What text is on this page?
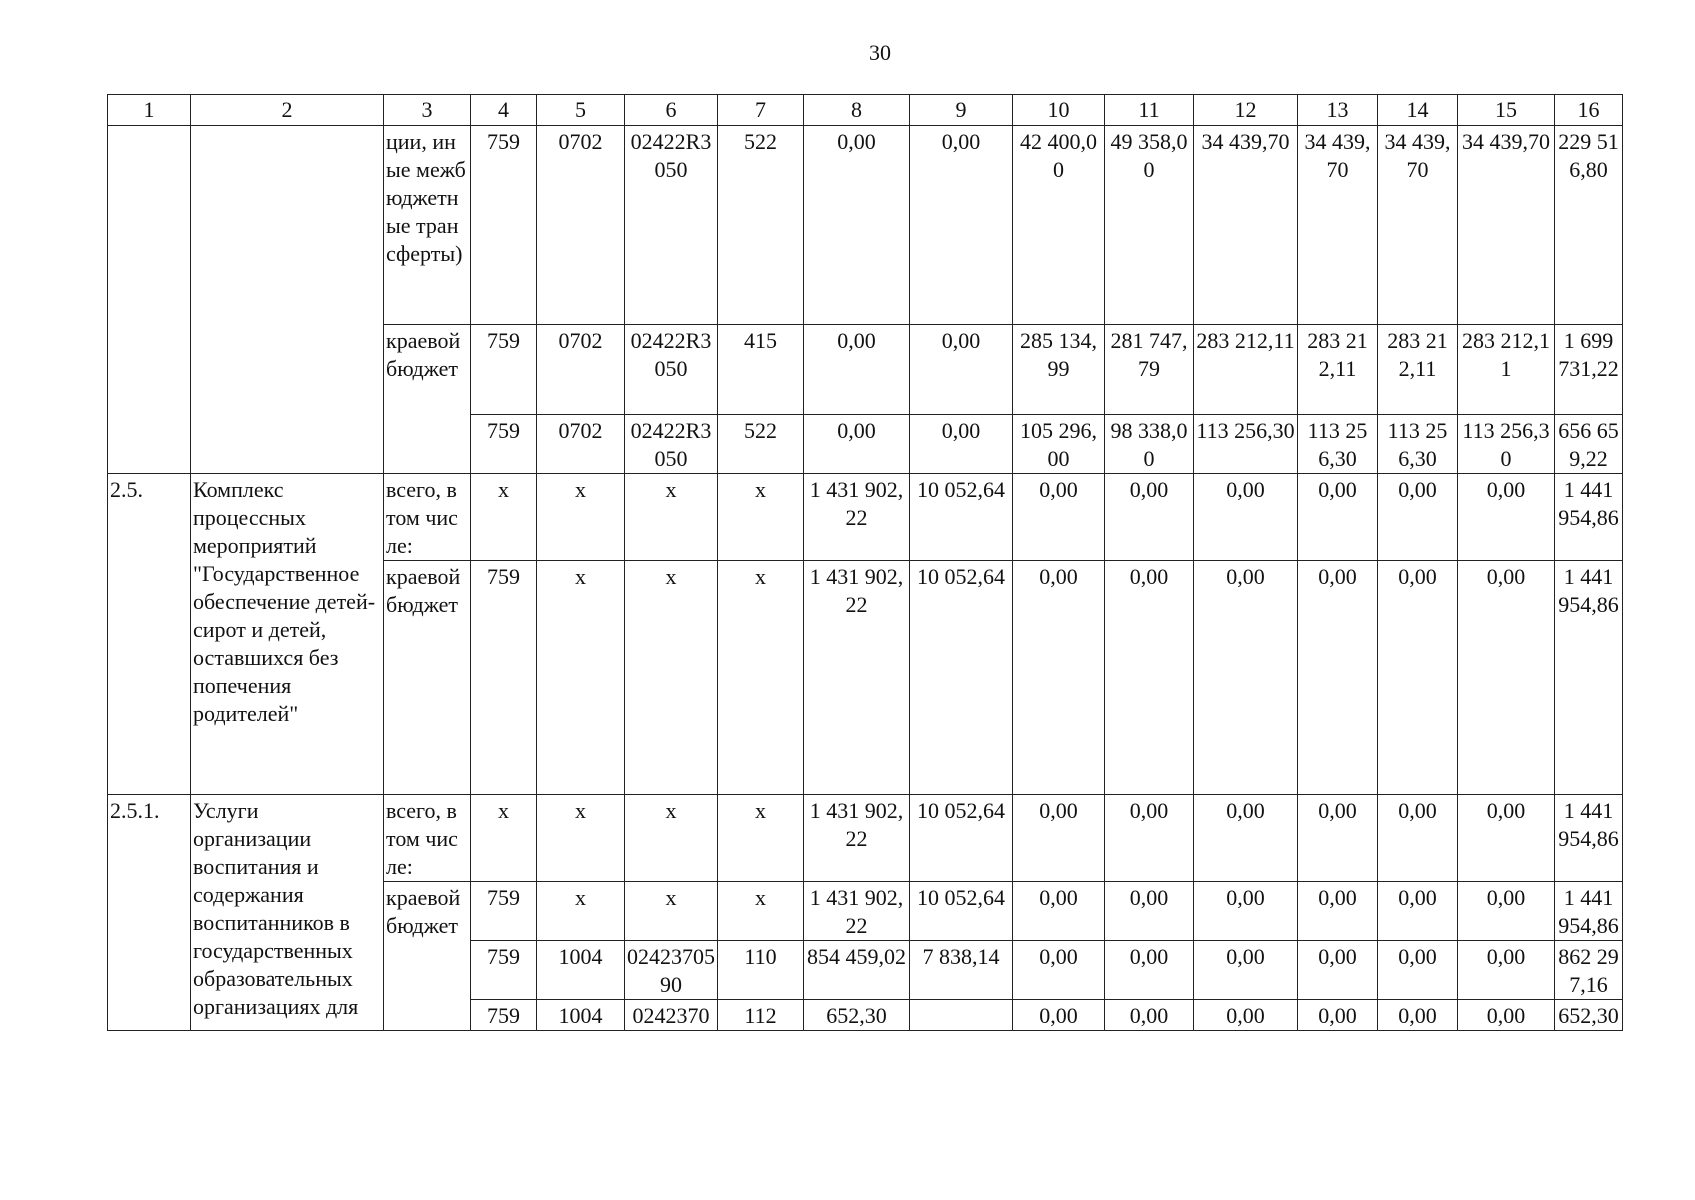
30
1	2	3	4	5	6	7	8	9	10	11	12	13	14	15	16
		ции, иные межбюджетные трансферты)	759	0702	02422R3050	522	0,00	0,00	42 400,00	49 358,00	34 439,70	34 439,70	34 439,70	34 439,70	229 516,80
		краевой бюджет	759	0702	02422R3050	415	0,00	0,00	285 134,99	281 747,79	283 212,11	283 212,11	283 212,11	283 212,11	1 699 731,22
			759	0702	02422R3050	522	0,00	0,00	105 296,00	98 338,00	113 256,30	113 256,30	113 256,30	113 256,30	656 659,22
2.5.	Комплекс процессных мероприятий "Государственное обеспечение детей-сирот и детей, оставшихся без попечения родителей"	всего, в том числе:	х	х	х	х	1 431 902,22	10 052,64	0,00	0,00	0,00	0,00	0,00	0,00	1 441 954,86
		краевой бюджет	759	х	х	х	1 431 902,22	10 052,64	0,00	0,00	0,00	0,00	0,00	0,00	1 441 954,86
2.5.1.	Услуги организации воспитания и содержания воспитанников в государственных образовательных организациях для	всего, в том числе:	х	х	х	х	1 431 902,22	10 052,64	0,00	0,00	0,00	0,00	0,00	0,00	1 441 954,86
		краевой бюджет	759	х	х	х	1 431 902,22	10 052,64	0,00	0,00	0,00	0,00	0,00	0,00	1 441 954,86
			759	1004	0242370590	110	854 459,02	7 838,14	0,00	0,00	0,00	0,00	0,00	0,00	862 297,16
			759	1004	0242370	112	652,30		0,00	0,00	0,00	0,00	0,00	0,00	652,30
